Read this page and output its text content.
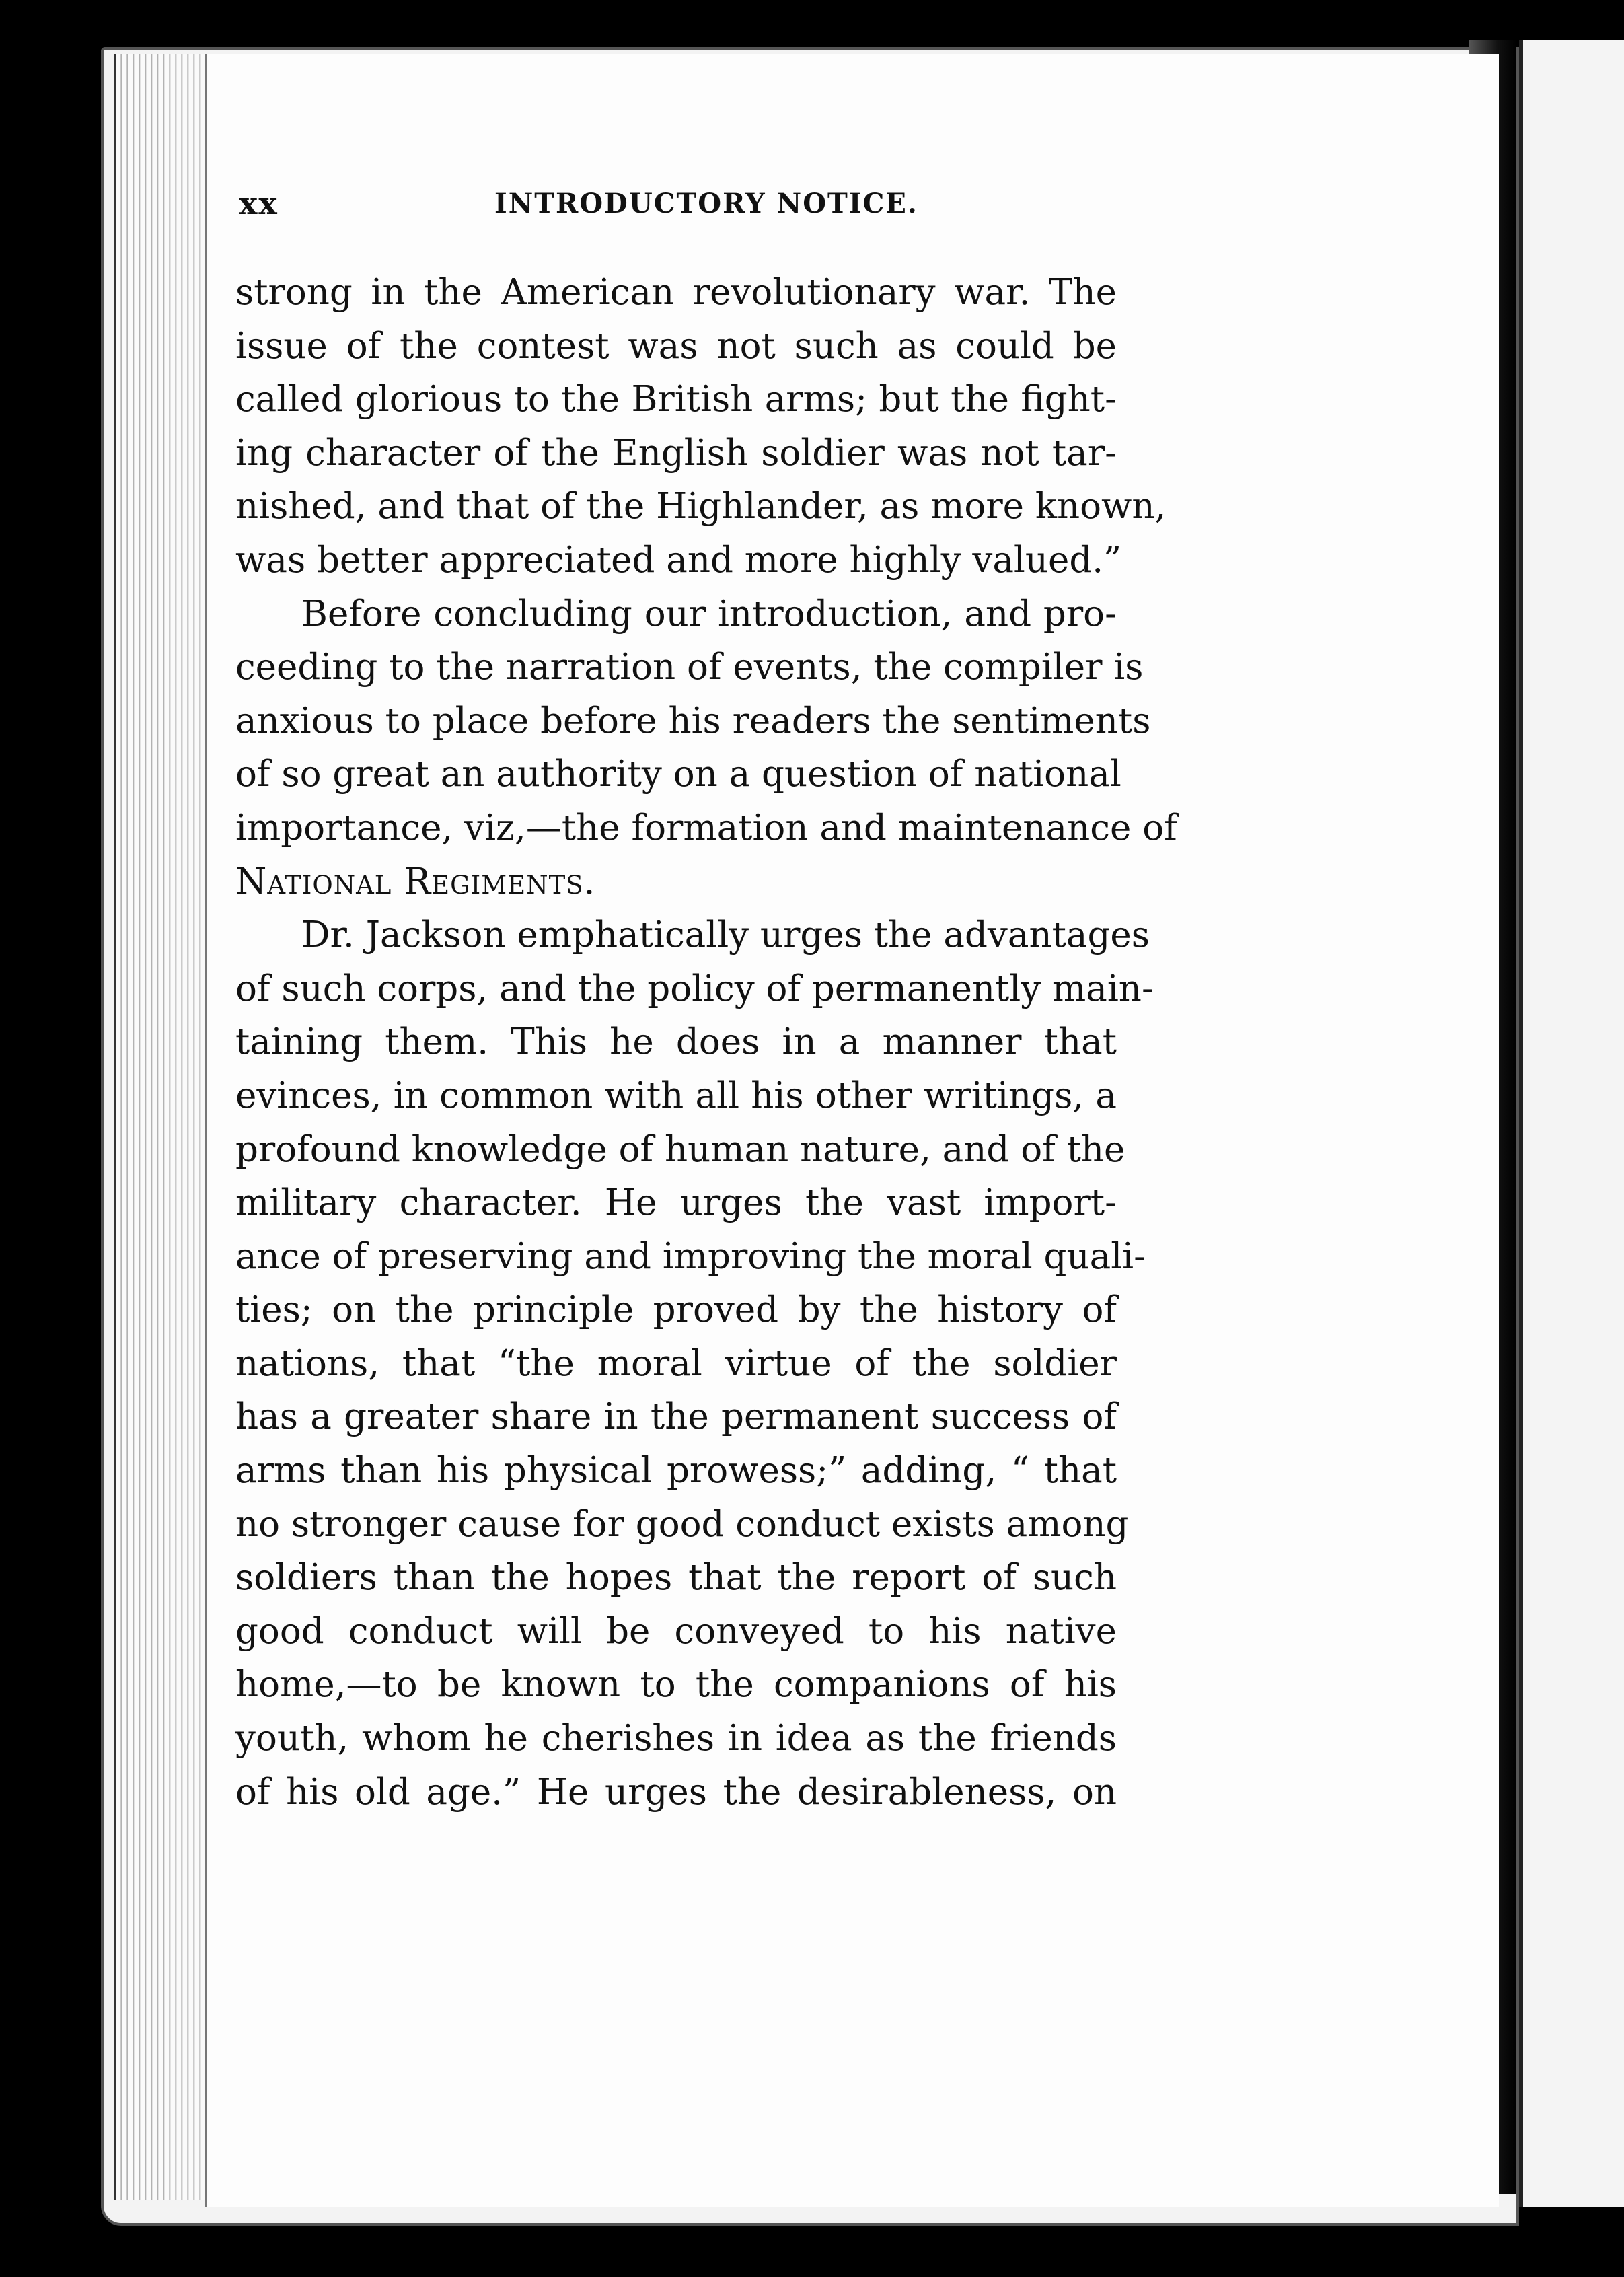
xx	INTRODUCTORY NOTICE.
strong in the American revolutionary war. The
issue of the contest was not such as could be
called glorious to the British arms; but the fight-
ing character of the English soldier was not tar-
nished, and that of the Highlander, as more known,
was better appreciated and more highly valued.”
Before concluding our introduction, and pro-
ceeding to the narration of events, the compiler is
anxious to place before his readers the sentiments
of so great an authority on a question of national
importance, viz,—the formation and maintenance of
National Regiments.
Dr. Jackson emphatically urges the advantages
of such corps, and the policy of permanently main-
taining them. This he does in a manner that
evinces, in common with all his other writings, a
profound knowledge of human nature, and of the
military character. He urges the vast import-
ance of preserving and improving the moral quali-
ties; on the principle proved by the history of
nations, that “the moral virtue of the soldier
has a greater share in the permanent success of
arms than his physical prowess;” adding, “ that
no stronger cause for good conduct exists among
soldiers than the hopes that the report of such
good conduct will be conveyed to his native
home,—to be known to the companions of his
youth, whom he cherishes in idea as the friends
of his old age.” He urges the desirableness, on
